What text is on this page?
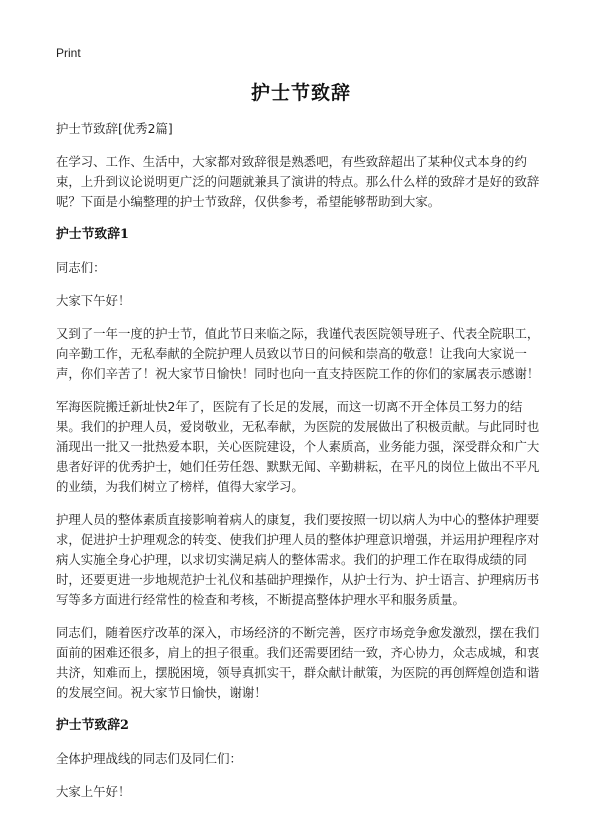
Print
护士节致辞

护士节致辞[优秀2篇]

在学习、工作、生活中，大家都对致辞很是熟悉吧，有些致辞超出了某种仪式本身的约束，上升到议论说明更广泛的问题就兼具了演讲的特点。那么什么样的致辞才是好的致辞呢？下面是小编整理的护士节致辞，仅供参考，希望能够帮助到大家。

护士节致辞1

同志们：

大家下午好！

又到了一年一度的护士节，值此节日来临之际，我谨代表医院领导班子、代表全院职工，向辛勤工作，无私奉献的全院护理人员致以节日的问候和崇高的敬意！让我向大家说一声，你们辛苦了！祝大家节日愉快！同时也向一直支持医院工作的你们的家属表示感谢！

军海医院搬迁新址快2年了，医院有了长足的发展，而这一切离不开全体员工努力的结果。我们的护理人员，爱岗敬业，无私奉献，为医院的发展做出了积极贡献。与此同时也涌现出一批又一批热爱本职，关心医院建设，个人素质高，业务能力强，深受群众和广大患者好评的优秀护士，她们任劳任怨、默默无闻、辛勤耕耘，在平凡的岗位上做出不平凡的业绩，为我们树立了榜样，值得大家学习。

护理人员的整体素质直接影响着病人的康复，我们要按照一切以病人为中心的整体护理要求，促进护士护理观念的转变、使我们护理人员的整体护理意识增强，并运用护理程序对病人实施全身心护理，以求切实满足病人的整体需求。我们的护理工作在取得成绩的同时，还要更进一步地规范护士礼仪和基础护理操作，从护士行为、护士语言、护理病历书写等多方面进行经常性的检查和考核，不断提高整体护理水平和服务质量。

同志们，随着医疗改革的深入，市场经济的不断完善，医疗市场竞争愈发激烈，摆在我们面前的困难还很多，肩上的担子很重。我们还需要团结一致，齐心协力，众志成城，和衷共济，知难而上，摆脱困境，领导真抓实干，群众献计献策，为医院的再创辉煌创造和谐的发展空间。祝大家节日愉快，谢谢！

护士节致辞2

全体护理战线的同志们及同仁们：

大家上午好！
